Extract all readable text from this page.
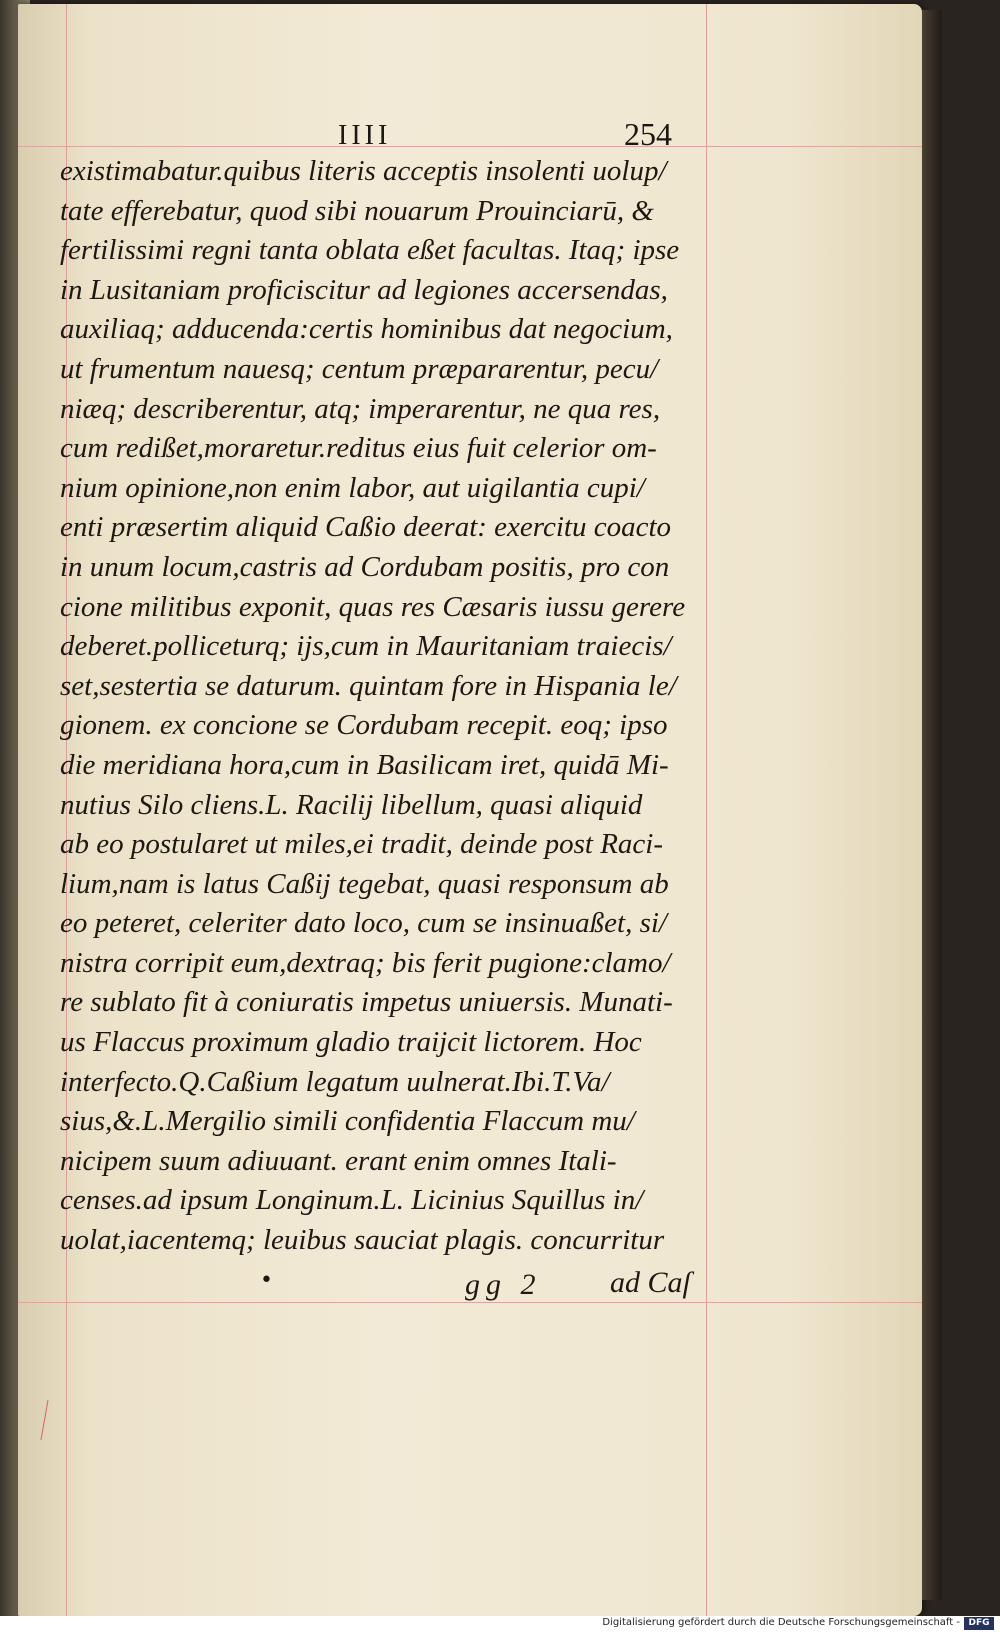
IIII	254
existimabatur.quibus literis acceptis insolenti uolup/
tate efferebatur, quod sibi nouarum Prouinciarū, &
fertilissimi regni tanta oblata eßet facultas. Itaq; ipse
in Lusitaniam proficiscitur ad legiones accersendas,
auxiliaq; adducenda:certis hominibus dat negocium,
ut frumentum nauesq; centum præpararentur, pecu/
niæq; describerentur, atq; imperarentur, ne qua res,
cum redißet,moraretur.reditus eius fuit celerior om-
nium opinione,non enim labor, aut uigilantia cupi/
enti præsertim aliquid Caßio deerat: exercitu coacto
in unum locum,castris ad Cordubam positis, pro con
cione militibus exponit, quas res Cæsaris iussu gerere
deberet.polliceturq; ijs,cum in Mauritaniam traiecis/
set,sestertia se daturum. quintam fore in Hispania le/
gionem. ex concione se Cordubam recepit. eoq; ipso
die meridiana hora,cum in Basilicam iret, quidā Mi-
nutius Silo cliens.L. Racilij libellum, quasi aliquid
ab eo postularet ut miles,ei tradit, deinde post Raci-
lium,nam is latus Caßij tegebat, quasi responsum ab
eo peteret, celeriter dato loco, cum se insinuaßet, si/
nistra corripit eum,dextraq; bis ferit pugione:clamo/
re sublato fit à coniuratis impetus uniuersis. Munati-
us Flaccus proximum gladio traijcit lictorem. Hoc
interfecto.Q.Caßium legatum uulnerat.Ibi.T.Va/
sius,&.L.Mergilio simili confidentia Flaccum mu/
nicipem suum adiuuant. erant enim omnes Itali-
censes.ad ipsum Longinum.L. Licinius Squillus in/
uolat,iacentemq; leuibus sauciat plagis. concurritur
•	gg 2 ad Caſ
Digitalisierung gefördert durch die Deutsche Forschungsgemeinschaft - DFG
